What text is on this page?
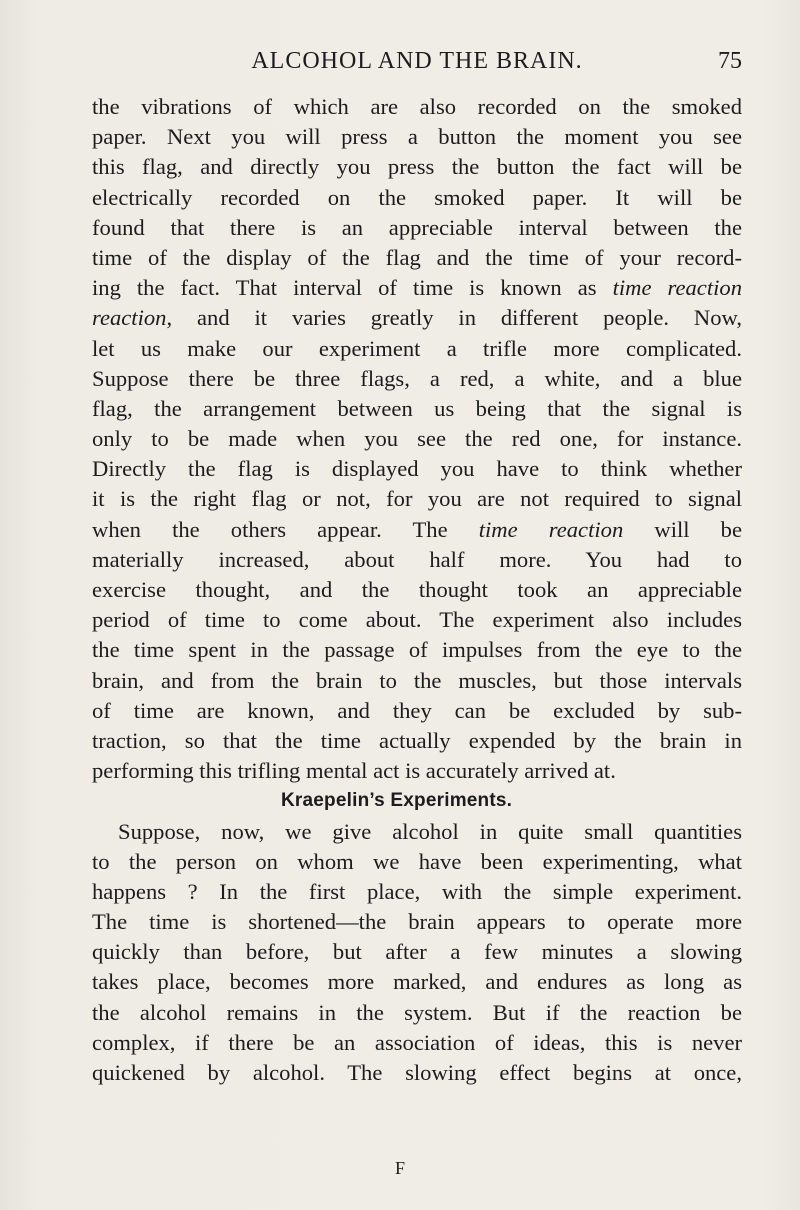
ALCOHOL AND THE BRAIN.	75
the vibrations of which are also recorded on the smoked
paper. Next you will press a button the moment you see
this flag, and directly you press the button the fact will be
electrically recorded on the smoked paper. It will be
found that there is an appreciable interval between the
time of the display of the flag and the time of your record-
ing the fact. That interval of time is known as time reaction
reaction, and it varies greatly in different people. Now,
let us make our experiment a trifle more complicated.
Suppose there be three flags, a red, a white, and a blue
flag, the arrangement between us being that the signal is
only to be made when you see the red one, for instance.
Directly the flag is displayed you have to think whether
it is the right flag or not, for you are not required to signal
when the others appear. The time reaction will be
materially increased, about half more. You had to
exercise thought, and the thought took an appreciable
period of time to come about. The experiment also includes
the time spent in the passage of impulses from the eye to the
brain, and from the brain to the muscles, but those intervals
of time are known, and they can be excluded by sub-
traction, so that the time actually expended by the brain in
performing this trifling mental act is accurately arrived at.
Kraepelin’s Experiments.
Suppose, now, we give alcohol in quite small quantities
to the person on whom we have been experimenting, what
happens ? In the first place, with the simple experiment.
The time is shortened—the brain appears to operate more
quickly than before, but after a few minutes a slowing
takes place, becomes more marked, and endures as long as
the alcohol remains in the system. But if the reaction be
complex, if there be an association of ideas, this is never
quickened by alcohol. The slowing effect begins at once,
F
